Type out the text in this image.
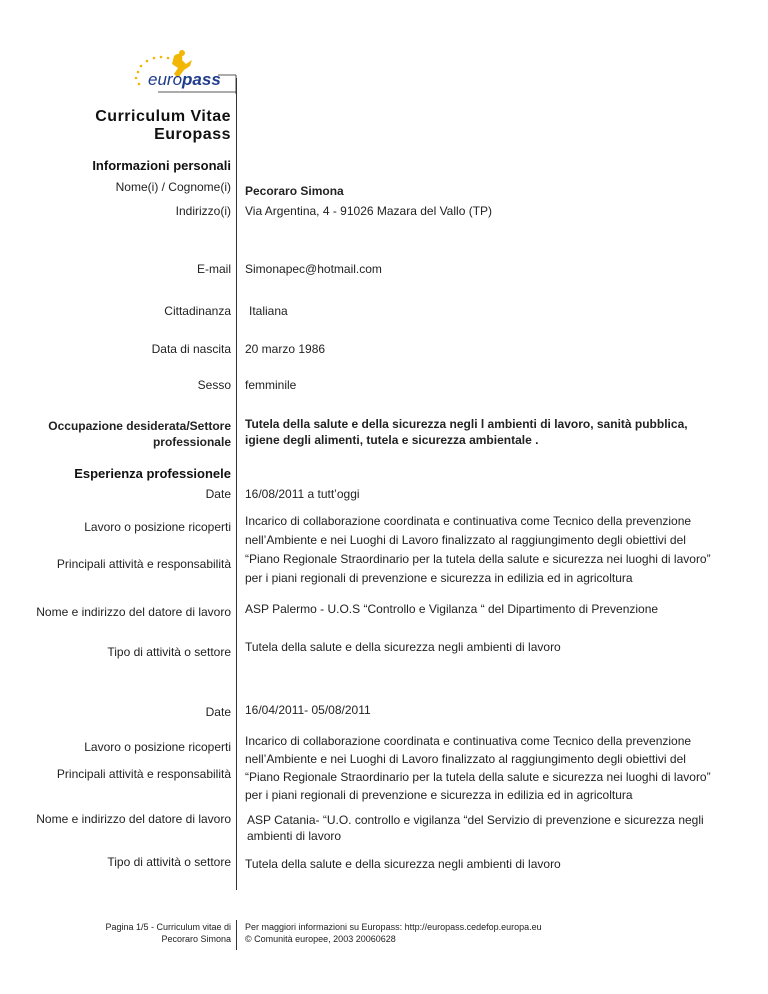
europass
Curriculum Vitae
Europass
Informazioni personali
Nome(i) / Cognome(i) Pecoraro Simona
Indirizzo(i) Via Argentina, 4 - 91026 Mazara del Vallo (TP)
E-mail Simonapec@hotmail.com
Cittadinanza Italiana
Data di nascita 20 marzo 1986
Sesso femminile
Occupazione desiderata/Settore professionale
Tutela della salute e della sicurezza negli l ambienti di lavoro, sanità pubblica, igiene degli alimenti, tutela e sicurezza ambientale .
Esperienza professionele
Date 16/08/2011 a tutt’oggi
Lavoro o posizione ricoperti
Principali attività e responsabilità
Incarico di collaborazione coordinata e continuativa come Tecnico della prevenzione nell’Ambiente e nei Luoghi di Lavoro finalizzato al raggiungimento degli obiettivi del “Piano Regionale Straordinario per la tutela della salute e sicurezza nei luoghi di lavoro” per i piani regionali di prevenzione e sicurezza in edilizia ed in agricoltura
Nome e indirizzo del datore di lavoro ASP Palermo - U.O.S “Controllo e Vigilanza “ del Dipartimento di Prevenzione
Tipo di attività o settore Tutela della salute e della sicurezza negli ambienti di lavoro
Date 16/04/2011- 05/08/2011
Lavoro o posizione ricoperti
Principali attività e responsabilità
Incarico di collaborazione coordinata e continuativa come Tecnico della prevenzione nell’Ambiente e nei Luoghi di Lavoro finalizzato al raggiungimento degli obiettivi del “Piano Regionale Straordinario per la tutela della salute e sicurezza nei luoghi di lavoro” per i piani regionali di prevenzione e sicurezza in edilizia ed in agricoltura
Nome e indirizzo del datore di lavoro ASP Catania- “U.O. controllo e vigilanza “del Servizio di prevenzione e sicurezza negli ambienti di lavoro
Tipo di attività o settore Tutela della salute e della sicurezza negli ambienti di lavoro
Pagina 1/5 - Curriculum vitae di
Pecoraro Simona
Per maggiori informazioni su Europass: http://europass.cedefop.europa.eu
© Comunità europee, 2003 20060628
